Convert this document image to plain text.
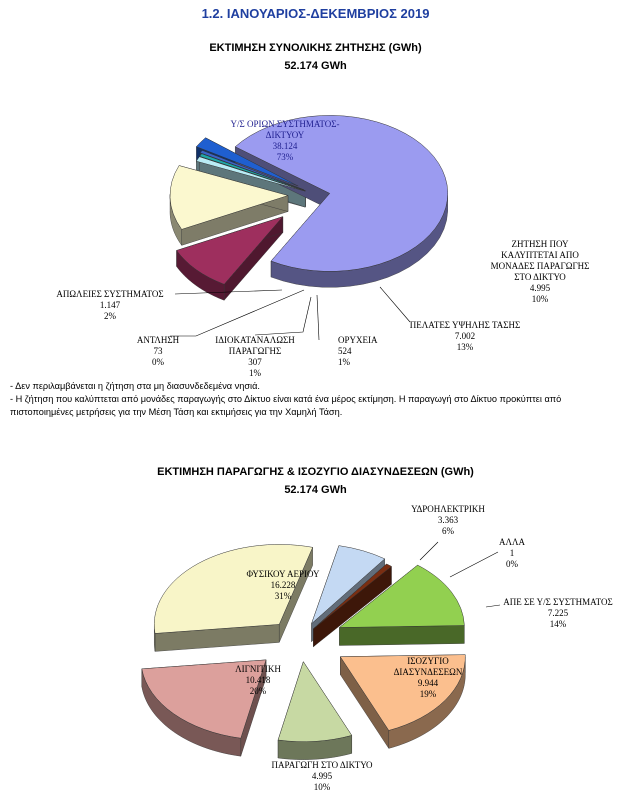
1.2. ΙΑΝΟΥΑΡΙΟΣ-ΔΕΚΕΜΒΡΙΟΣ 2019
ΕΚΤΙΜΗΣΗ ΣΥΝΟΛΙΚΗΣ ΖΗΤΗΣΗΣ (GWh)
52.174 GWh
Υ/Σ ΟΡΙΩΝ ΣΥΣΤΗΜΑΤΟΣ-
ΔΙΚΤΥΟΥ
38.124
73%
ΖΗΤΗΣΗ ΠΟΥ
ΚΑΛΥΠΤΕΤΑΙ ΑΠΟ
ΜΟΝΑΔΕΣ ΠΑΡΑΓΩΓΗΣ
ΣΤΟ ΔΙΚΤΥΟ
4.995
10%
ΠΕΛΑΤΕΣ ΥΨΗΛΗΣ ΤΑΣΗΣ
7.002
13%
ΟΡΥΧΕΙΑ
524
1%
ΙΔΙΟΚΑΤΑΝΑΛΩΣΗ
ΠΑΡΑΓΩΓΗΣ
307
1%
ΑΝΤΛΗΣΗ
73
0%
ΑΠΩΛΕΙΕΣ ΣΥΣΤΗΜΑΤΟΣ
1.147
2%
- Δεν περιλαμβάνεται η ζήτηση στα μη διασυνδεδεμένα νησιά.
- Η ζήτηση που καλύπτεται από μονάδες παραγωγής στο Δίκτυο είναι κατά ένα μέρος εκτίμηση. Η παραγωγή στο Δίκτυο προκύπτει από
πιστοποιημένες μετρήσεις για την Μέση Τάση και εκτιμήσεις για την Χαμηλή Τάση.
ΕΚΤΙΜΗΣΗ ΠΑΡΑΓΩΓΗΣ & ΙΣΟΖΥΓΙΟ ΔΙΑΣΥΝΔΕΣΕΩΝ (GWh)
52.174 GWh
ΥΔΡΟΗΛΕΚΤΡΙΚΗ
3.363
6%
ΑΛΛΑ
1
0%
ΑΠΕ ΣΕ Υ/Σ ΣΥΣΤΗΜΑΤΟΣ
7.225
14%
ΙΣΟΖΥΓΙΟ
ΔΙΑΣΥΝΔΕΣΕΩΝ
9.944
19%
ΠΑΡΑΓΩΓΗ ΣΤΟ ΔΙΚΤΥΟ
4.995
10%
ΛΙΓΝΙΤΙΚΗ
10.418
20%
ΦΥΣΙΚΟΥ ΑΕΡΙΟΥ
16.228
31%
